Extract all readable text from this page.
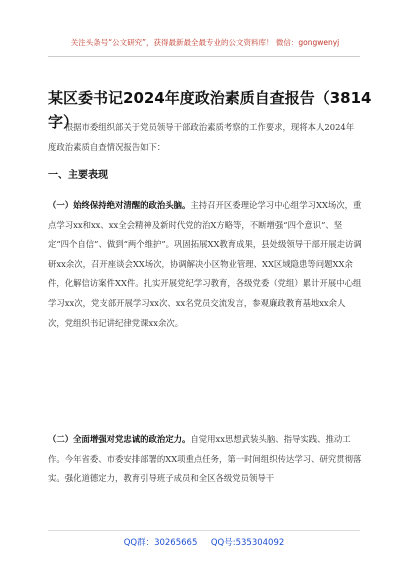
关注头条号“公文研究”，获得最新最全最专业的公文资料库！ 微信：gongwenyj
某区委书记2024年度政治素质自查报告（3814字）
根据市委组织部关于党员领导干部政治素质考察的工作要求，现将本人2024年度政治素质自查情况报告如下：
一、主要表现
（一）始终保持绝对清醒的政治头脑。主持召开区委理论学习中心组学习XX场次，重点学习xx和xx、xx全会精神及新时代党的治X方略等，不断增强“四个意识”、坚定“四个自信”、做到“两个维护”。巩固拓展XX教育成果，县处级领导干部开展走访调研xx余次，召开座谈会XX场次，协调解决小区物业管理、XX区域隐患等问题XX余件，化解信访案件XX件。扎实开展党纪学习教育，各级党委（党组）累计开展中心组学习xx次，党支部开展学习xx次、xx名党员交流发言，参观廉政教育基地xx余人次，党组织书记讲纪律党课xx余次。
（二）全面增强对党忠诚的政治定力。自觉用xx思想武装头脑、指导实践、推动工作。今年省委、市委安排部署的XX项重点任务，第一时间组织传达学习、研究贯彻落实。强化道德定力，教育引导班子成员和全区各级党员领导干
QQ群：30265665     QQ号:535304092
